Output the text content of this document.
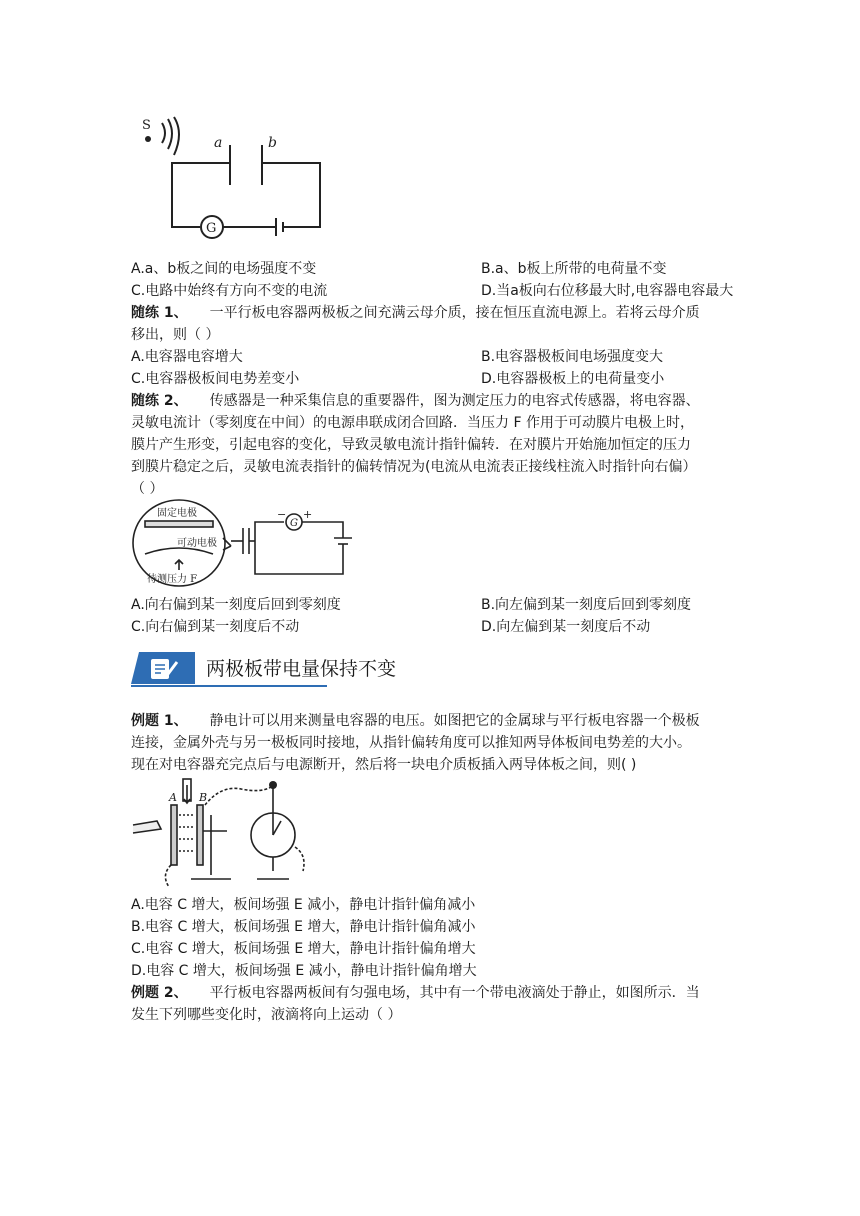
S
a	b
G
A.a、b板之间的电场强度不变	B.a、b板上所带的电荷量不变
C.电路中始终有方向不变的电流	D.当a板向右位移最大时,电容器电容最大
随练 1、 一平行板电容器两极板之间充满云母介质，接在恒压直流电源上。若将云母介质
移出，则（ ）
A.电容器电容增大	B.电容器极板间电场强度变大
C.电容器极板间电势差变小	D.电容器极板上的电荷量变小
随练 2、 传感器是一种采集信息的重要器件，图为测定压力的电容式传感器，将电容器、
灵敏电流计（零刻度在中间）的电源串联成闭合回路．当压力 F 作用于可动膜片电极上时，
膜片产生形变，引起电容的变化，导致灵敏电流计指针偏转．在对膜片开始施加恒定的压力
到膜片稳定之后，灵敏电流表指针的偏转情况为(电流从电流表正接线柱流入时指针向右偏）
（ ）
固定电极
可动电极
待测压力 F
− +
G
A.向右偏到某一刻度后回到零刻度	B.向左偏到某一刻度后回到零刻度
C.向右偏到某一刻度后不动	D.向左偏到某一刻度后不动
两极板带电量保持不变
例题 1、 静电计可以用来测量电容器的电压。如图把它的金属球与平行板电容器一个极板
连接，金属外壳与另一极板同时接地，从指针偏转角度可以推知两导体板间电势差的大小。
现在对电容器充完点后与电源断开，然后将一块电介质板插入两导体板之间，则( )
A B
A.电容 C 增大，板间场强 E 减小，静电计指针偏角减小
B.电容 C 增大，板间场强 E 增大，静电计指针偏角减小
C.电容 C 增大，板间场强 E 增大，静电计指针偏角增大
D.电容 C 增大，板间场强 E 减小，静电计指针偏角增大
例题 2、 平行板电容器两板间有匀强电场，其中有一个带电液滴处于静止，如图所示．当
发生下列哪些变化时，液滴将向上运动（ ）
